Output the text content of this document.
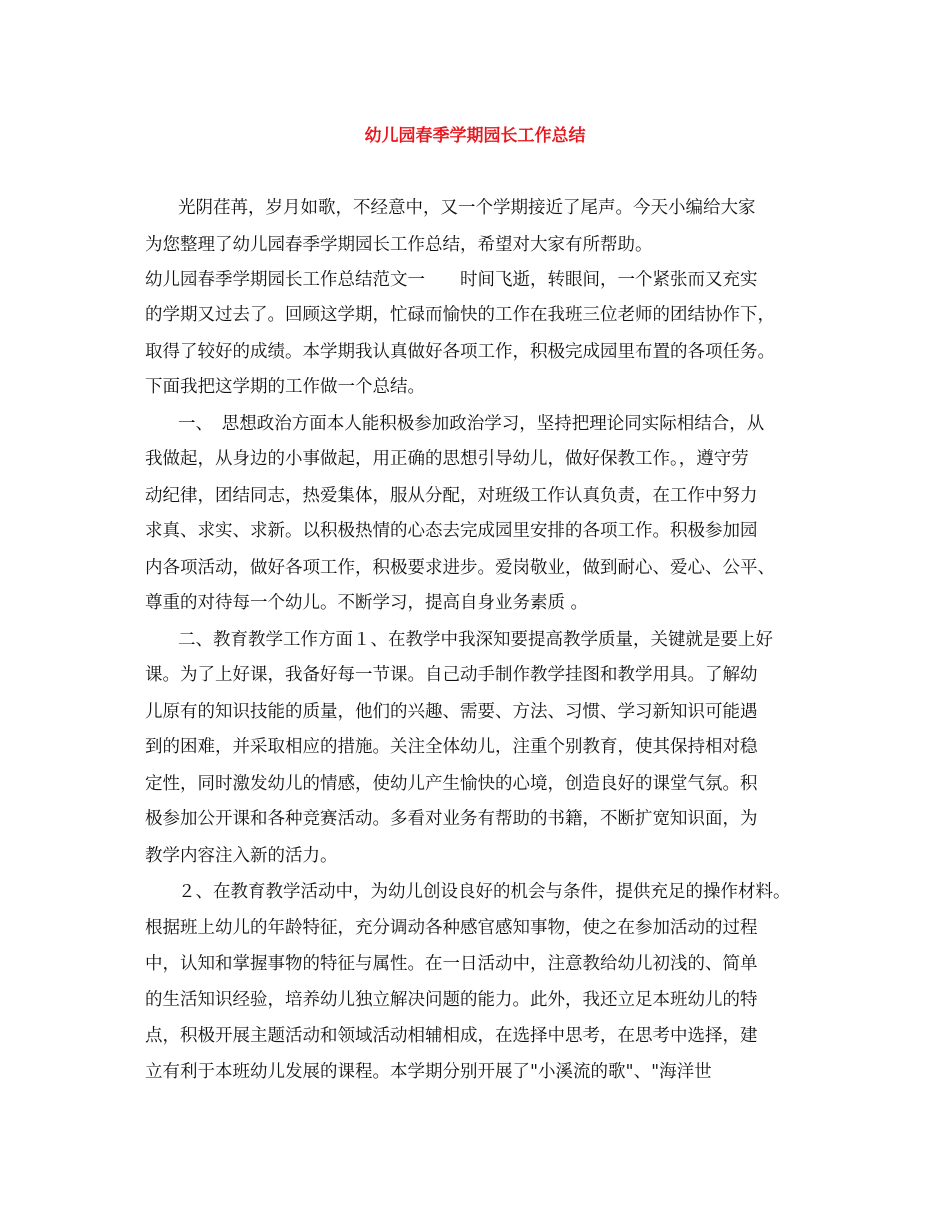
幼儿园春季学期园长工作总结

光阴荏苒，岁月如歌，不经意中，又一个学期接近了尾声。今天小编给大家

为您整理了幼儿园春季学期园长工作总结，希望对大家有所帮助。

幼儿园春季学期园长工作总结范文一　　时间飞逝，转眼间，一个紧张而又充实

的学期又过去了。回顾这学期，忙碌而愉快的工作在我班三位老师的团结协作下，

取得了较好的成绩。本学期我认真做好各项工作，积极完成园里布置的各项任务。

下面我把这学期的工作做一个总结。

一、　思想政治方面本人能积极参加政治学习，坚持把理论同实际相结合，从

我做起，从身边的小事做起，用正确的思想引导幼儿，做好保教工作。，遵守劳

动纪律，团结同志，热爱集体，服从分配，对班级工作认真负责，在工作中努力

求真、求实、求新。以积极热情的心态去完成园里安排的各项工作。积极参加园

内各项活动，做好各项工作，积极要求进步。爱岗敬业，做到耐心、爱心、公平、

尊重的对待每一个幼儿。不断学习，提高自身业务素质 。

二、教育教学工作方面１、在教学中我深知要提高教学质量，关键就是要上好

课。为了上好课，我备好每一节课。自己动手制作教学挂图和教学用具。了解幼

儿原有的知识技能的质量，他们的兴趣、需要、方法、习惯、学习新知识可能遇

到的困难，并采取相应的措施。关注全体幼儿，注重个别教育，使其保持相对稳

定性，同时激发幼儿的情感，使幼儿产生愉快的心境，创造良好的课堂气氛。积

极参加公开课和各种竞赛活动。多看对业务有帮助的书籍，不断扩宽知识面，为

教学内容注入新的活力。

２、在教育教学活动中，为幼儿创设良好的机会与条件，提供充足的操作材料。

根据班上幼儿的年龄特征，充分调动各种感官感知事物，使之在参加活动的过程

中，认知和掌握事物的特征与属性。在一日活动中，注意教给幼儿初浅的、简单

的生活知识经验，培养幼儿独立解决问题的能力。此外，我还立足本班幼儿的特

点，积极开展主题活动和领域活动相辅相成，在选择中思考，在思考中选择，建

立有利于本班幼儿发展的课程。本学期分别开展了"小溪流的歌"、"海洋世
